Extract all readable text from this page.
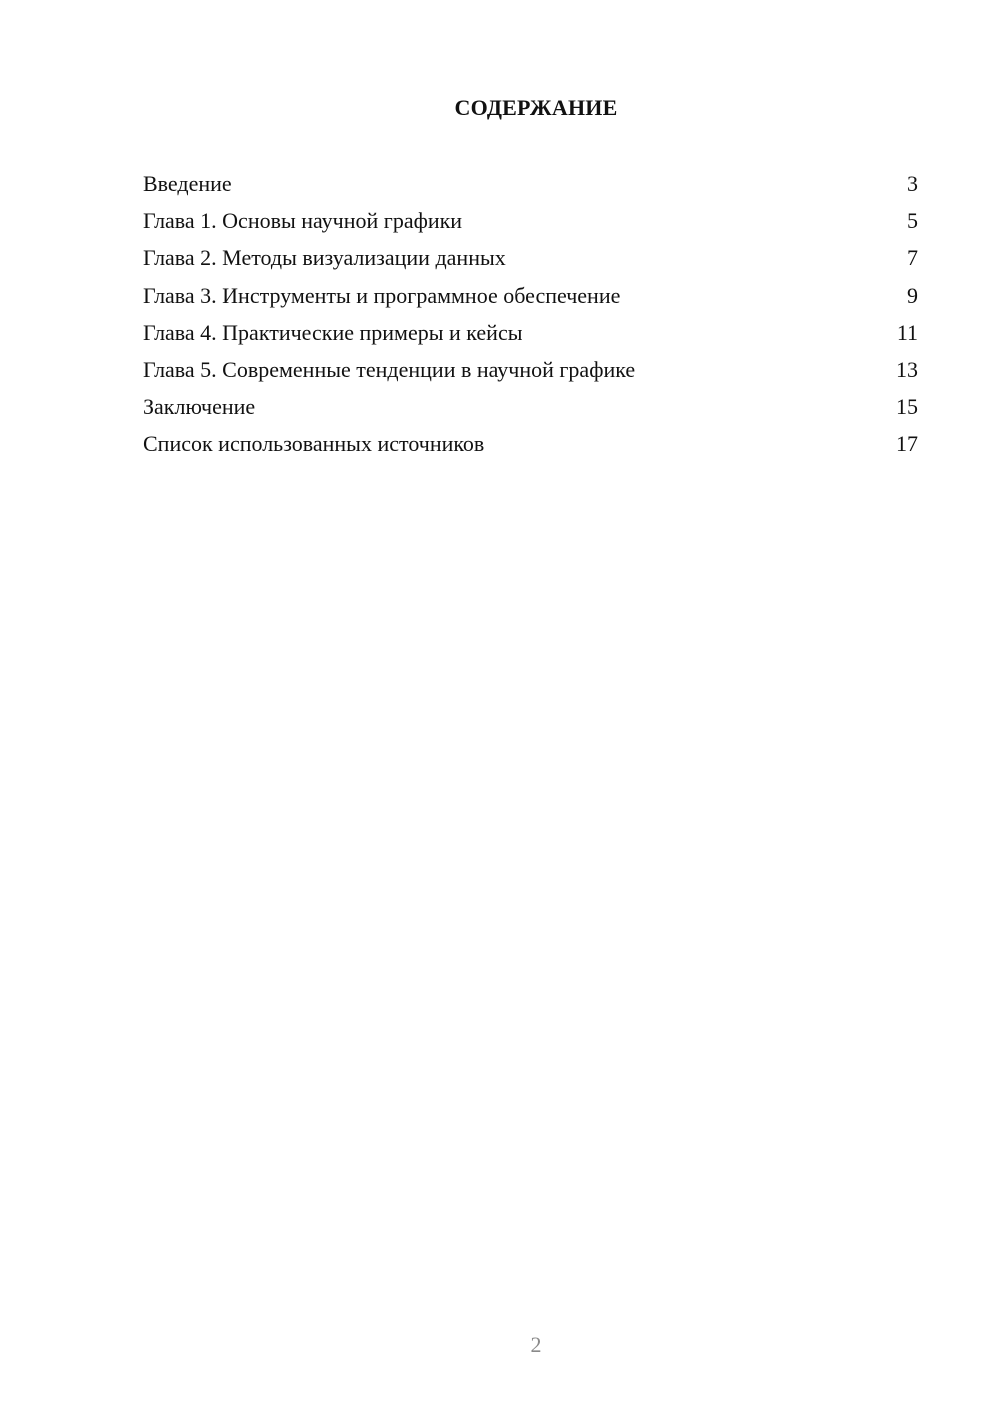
СОДЕРЖАНИЕ
Введение	3
Глава 1. Основы научной графики	5
Глава 2. Методы визуализации данных	7
Глава 3. Инструменты и программное обеспечение	9
Глава 4. Практические примеры и кейсы	11
Глава 5. Современные тенденции в научной графике	13
Заключение	15
Список использованных источников	17
2
